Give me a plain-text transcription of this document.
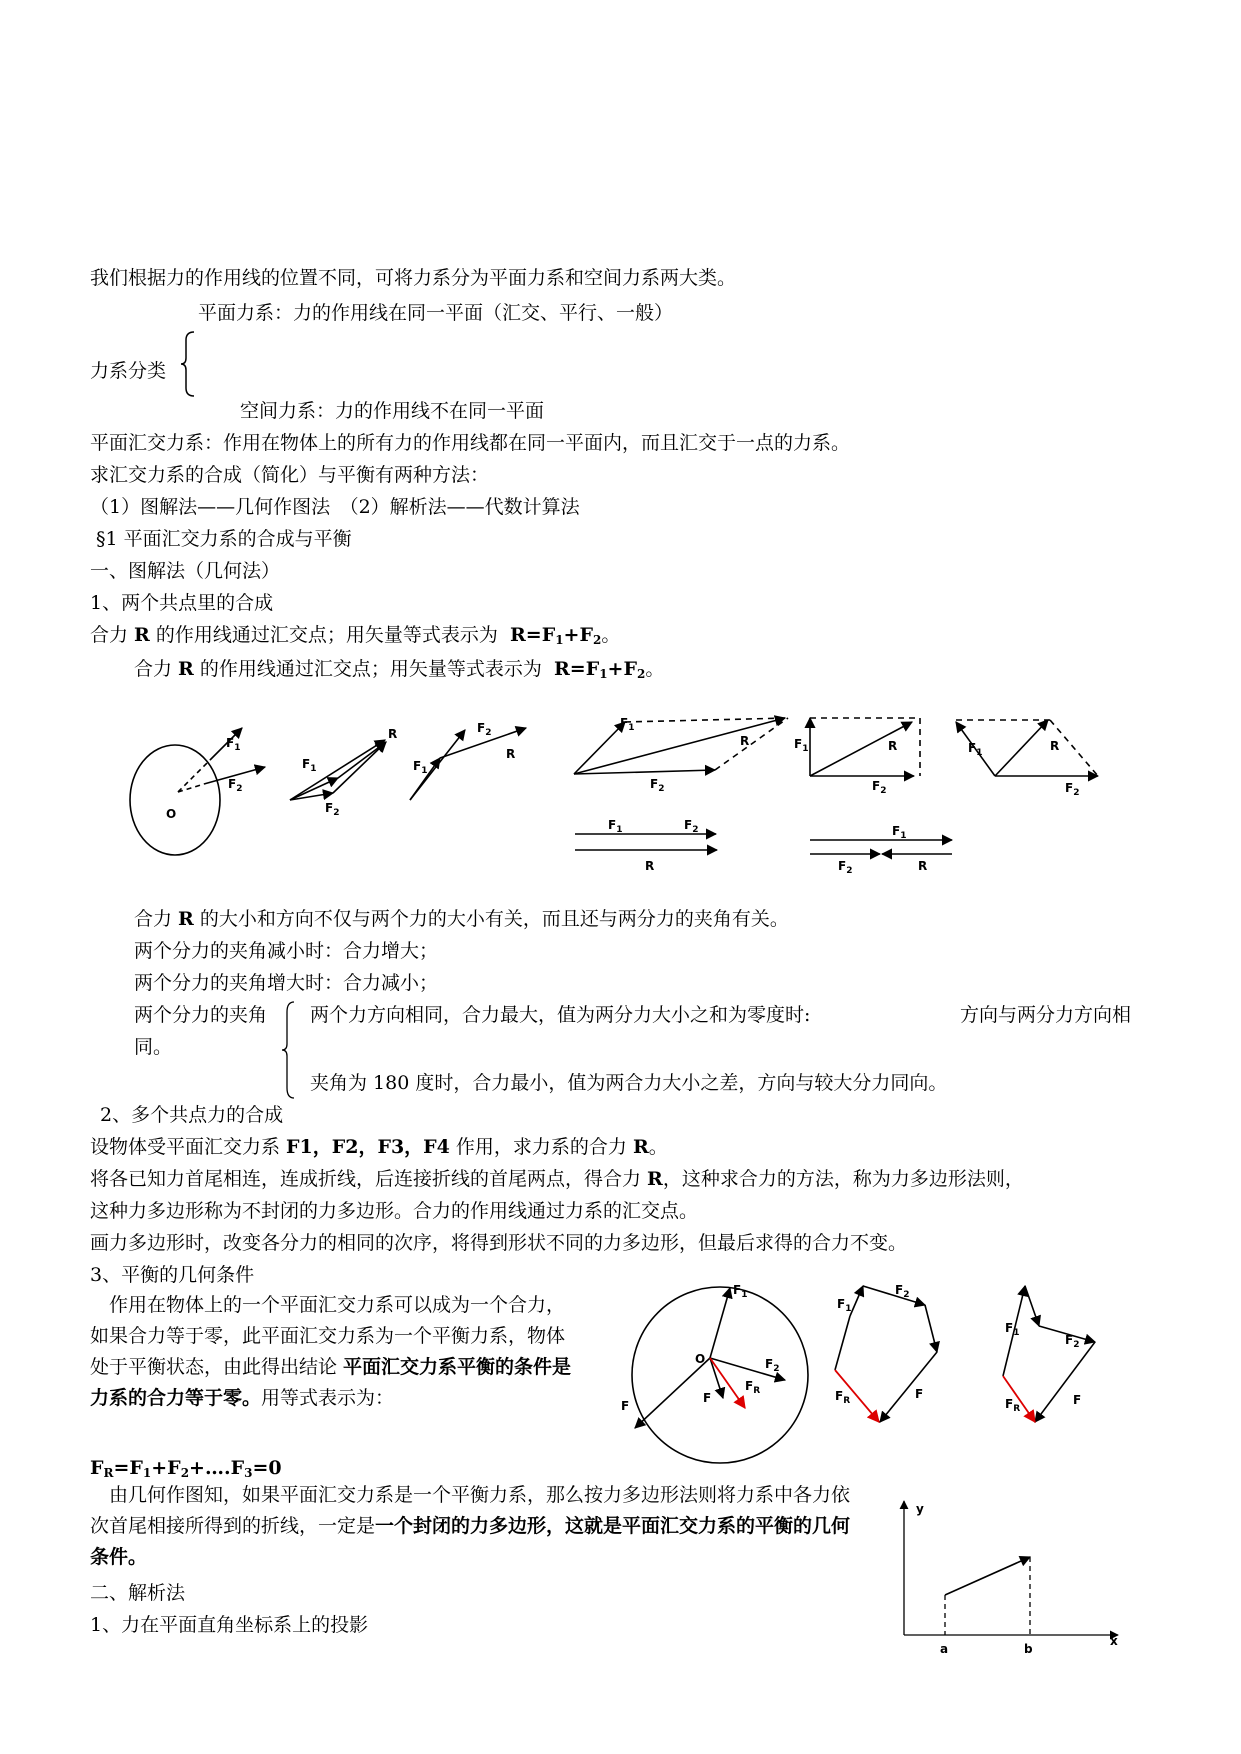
我们根据力的作用线的位置不同，可将力系分为平面力系和空间力系两大类。
平面力系：力的作用线在同一平面（汇交、平行、一般）
力系分类
空间力系：力的作用线不在同一平面
平面汇交力系：作用在物体上的所有力的作用线都在同一平面内，而且汇交于一点的力系。
求汇交力系的合成（简化）与平衡有两种方法：
（1）图解法——几何作图法　（2）解析法——代数计算法
§1 平面汇交力系的合成与平衡
一、图解法（几何法）
1、两个共点里的合成
合力 R 的作用线通过汇交点；用矢量等式表示为  $R=F_1+F_2$。
合力 R 的作用线通过汇交点；用矢量等式表示为  $R=F_1+F_2$。
$F_1$
$F_2$
O
$F_1$
$F_2$
R
$F_1$
$F_2$
R
$F_1$
$F_2$
R	$F_1$
$F_2$
R	$F_1$
$F_2$
R
$F_1$	$F_2$
R
$F_1$
$F_2$	R
合力 R 的大小和方向不仅与两个力的大小有关，而且还与两分力的夹角有关。
两个分力的夹角减小时：合力增大；
两个分力的夹角增大时：合力减小；
两个分力的夹角 两个力方向相同，合力最大，值为两分力大小之和为零度时:	方向与两分力方向相
同。
夹角为 180 度时，合力最小，值为两合力大小之差，方向与较大分力同向。
2、多个共点力的合成
设物体受平面汇交力系 F1，F2，F3，F4 作用，求力系的合力 R。
将各已知力首尾相连，连成折线，后连接折线的首尾两点，得合力 R，这种求合力的方法，称为力多边形法则，
这种力多边形称为不封闭的力多边形。合力的作用线通过力系的汇交点。
画力多边形时，改变各分力的相同的次序，将得到形状不同的力多边形，但最后求得的合力不变。
3、平衡的几何条件
　作用在物体上的一个平面汇交力系可以成为一个合力，如果合力等于零，此平面汇交力系为一个平衡力系，物体处于平衡状态，由此得出结论 平面汇交力系平衡的条件是力系的合力等于零。用等式表示为：
$F_R=F_1+F_2+\dots.F_3=0$
$F_1$
O	$F_2$
F
$F_R$
F
$F_1$
$F_2$
$F_R$	F
$F_1$	$F_2$
$F_R$
F
　由几何作图知，如果平面汇交力系是一个平衡力系，那么按力多边形法则将力系中各力依次首尾相接所得到的折线，一定是一个封闭的力多边形，这就是平面汇交力系的平衡的几何条件。
二、解析法
1、力在平面直角坐标系上的投影
y
x
a	b
